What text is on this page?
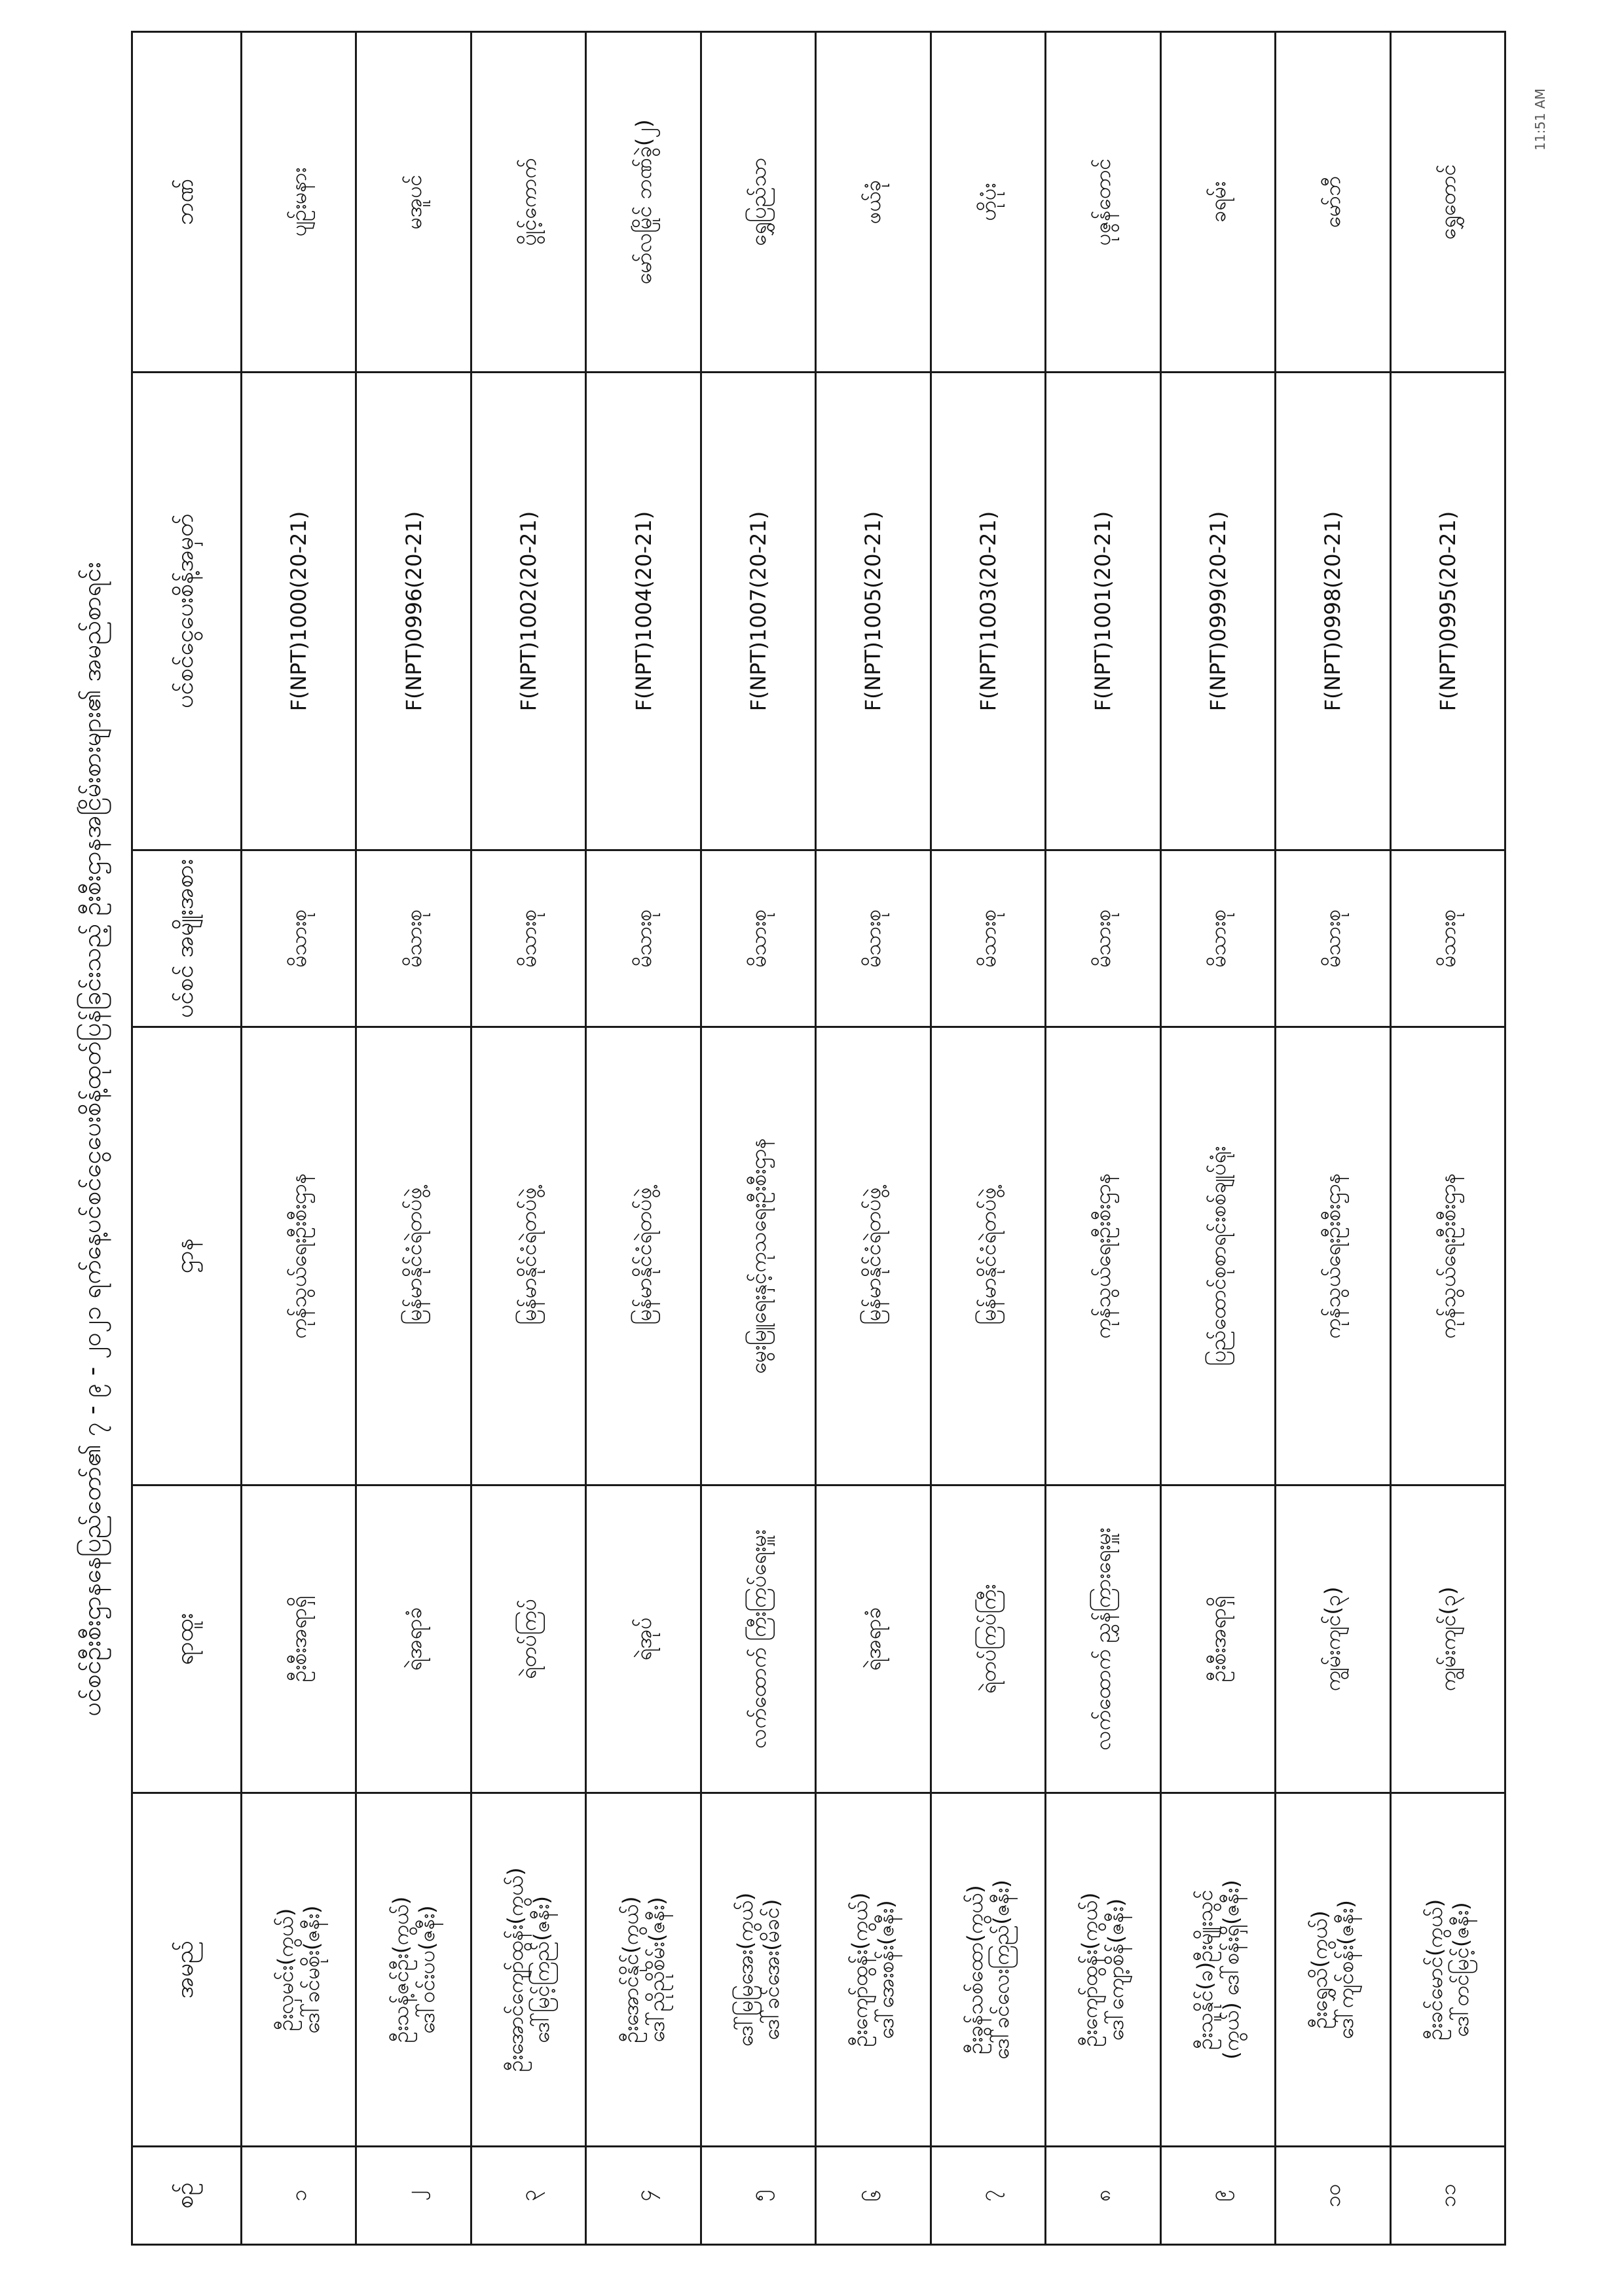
11:51 AM
ပင်စင်ဦးစီးဌာနနေပြည်တော်၏ ၇ - ၉ - ၂၀၂၁ ရက်နေ့ပင်စင်ငွေပေးစိန့်ထုတ်ပြန်ခြင်းသည့် ဦးစီးဌာနအငြိမ်းစားများ၏ အမည်စာရင်း
စဉ်	အမည်	ရာထူး	ဌာန	ပင်စင် အမျိုးအစား	ပင်စင်ငွေပေးစိန့်အမှတ်	ဘဏ်
၁	ဦးလှမင်း(ကွယ်) ဒေါ်ခင်မစိုး(ဇနီး)	ဦးစီးအရာရှိ	ကုန်သွယ်ရေးဦးစီးဌာန	မိသားစု	F(NPT)1000(20-21)	ပျဉ်းမနား
၂	ဦးသန့်ဇင်ဦး(ကွယ်) ဒေါ်ဝင်းပပ(ဇနီး)	ရဲအရာခံ	မြန်မာနိုင်ငံရဲတပ်ဖွဲ့	မိသားစု	F(NPT)0996(20-21)	မအူပင်
၃	ဦးအောင်ကျော်ထွန်း(ကွယ်) ဒေါ်မြင့်ကြည်(ဇနီး)	ရဲတပ်ကြပ်	မြန်မာနိုင်ငံရဲတပ်ဖွဲ့	မိသားစု	F(NPT)1002(20-21)	ပွိုင့်ကောက်
၄	ဦးအောင်နိုင်(ကွယ်) ဒေါ်ညိုညိုစိမ်း(ဇနီး)	ရဲအုပ်	မြန်မာနိုင်ငံရဲတပ်ဖွဲ့	မိသားစု	F(NPT)1004(20-21)	မော်လမြိုင် ဘဏ်ခွဲ(၂)
၅	ဒေါ်မြမြအေး(ကွယ်) ဒေါ်ခင်အေး(မိခင်)	လက်ထောက် ကြီးကြပ်ရေးမှူး	မွေးမြူရေးနှင့်ကုသရေးဦးစီးဌာန	မိသားစု	F(NPT)1007(20-21)	ရွှေပြည်သာ
၆	ဦးကျော်ထွန်း(ကွယ်) ဒေါ်အေးစန်း(ဇနီး)	ရဲအရာခံ	မြန်မာနိုင်ငံရဲတပ်ဖွဲ့	မိသားစု	F(NPT)1005(20-21)	ဖယ်ခုံ
၇	ဦးခွန်သစ်ထော(ကွယ်) ဒေါ်ခင်လေးကြည်(ဇနီး)	ရဲတပ်ကြပ်ကြီး	မြန်မာနိုင်ငံရဲတပ်ဖွဲ့	မိသားစု	F(NPT)1003(20-21)	ဟိုပုံး
၈	ဦးကျော်ထွန်း(ကွယ်) ဒေါ်ကျော့စိန်(ဇနီး)	လက်ထောက် ညွှန်ကြားရေးမှူး	ကုန်သွယ်ရေးဦးစီးဌာန	မိသားစု	F(NPT)1001(20-21)	ပုဇွန်တောင်
၉	ဦးသူနိုင်(ခ)ဦးမျိုးသွင် (ကွယ်) ဒေါ်စန်းရှိ(ဇနီး)	ဦးစီးအရာရှိ	ပြည်ထောင်စုစာရင်းစစ်ချုပ်ရုံး	မိသားစု	F(NPT)0999(20-21)	ခရမ်း
၁၀	ဦးရွှေသိ(ကွယ်) ဒေါ်ကျင်စန်း(ဇနီး)	ကျွမ်းကျင်(၃)	ကုန်သွယ်ရေးဦးစီးဌာန	မိသားစု	F(NPT)0998(20-21)	မော်ဘီ
၁၁	ဦးခင်မောင်(ကွယ်) ဒေါ်တင်မြင့်(ဇနီး)	ကျွမ်းကျင်(၃)	ကုန်သွယ်ရေးဦးစီးဌာန	မိသားစု	F(NPT)0995(20-21)	ရွှေတောင်
